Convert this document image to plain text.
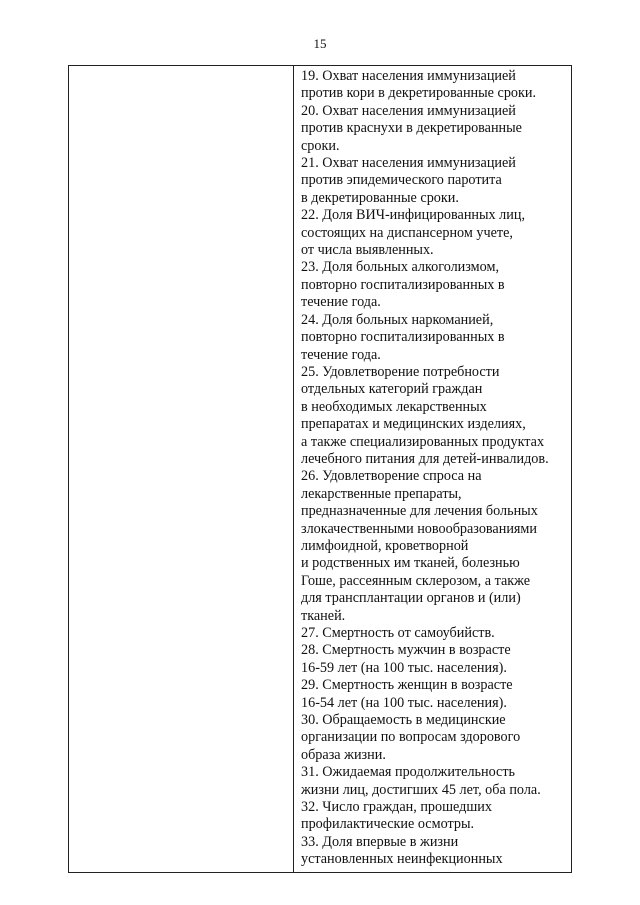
15
19. Охват населения иммунизацией
против кори в декретированные сроки.
20. Охват населения иммунизацией
против краснухи в декретированные
сроки.
21. Охват населения иммунизацией
против эпидемического паротита
в декретированные сроки.
22. Доля ВИЧ-инфицированных лиц,
состоящих на диспансерном учете,
от числа выявленных.
23. Доля больных алкоголизмом,
повторно госпитализированных в
течение года.
24. Доля больных наркоманией,
повторно госпитализированных в
течение года.
25. Удовлетворение потребности
отдельных категорий граждан
в необходимых лекарственных
препаратах и медицинских изделиях,
а также специализированных продуктах
лечебного питания для детей-инвалидов.
26. Удовлетворение спроса на
лекарственные препараты,
предназначенные для лечения больных
злокачественными новообразованиями
лимфоидной, кроветворной
и родственных им тканей, болезнью
Гоше, рассеянным склерозом, а также
для трансплантации органов и (или)
тканей.
27. Смертность от самоубийств.
28. Смертность мужчин в возрасте
16-59 лет (на 100 тыс. населения).
29. Смертность женщин в возрасте
16-54 лет (на 100 тыс. населения).
30. Обращаемость в медицинские
организации по вопросам здорового
образа жизни.
31. Ожидаемая продолжительность
жизни лиц, достигших 45 лет, оба пола.
32. Число граждан, прошедших
профилактические осмотры.
33. Доля впервые в жизни
установленных неинфекционных
